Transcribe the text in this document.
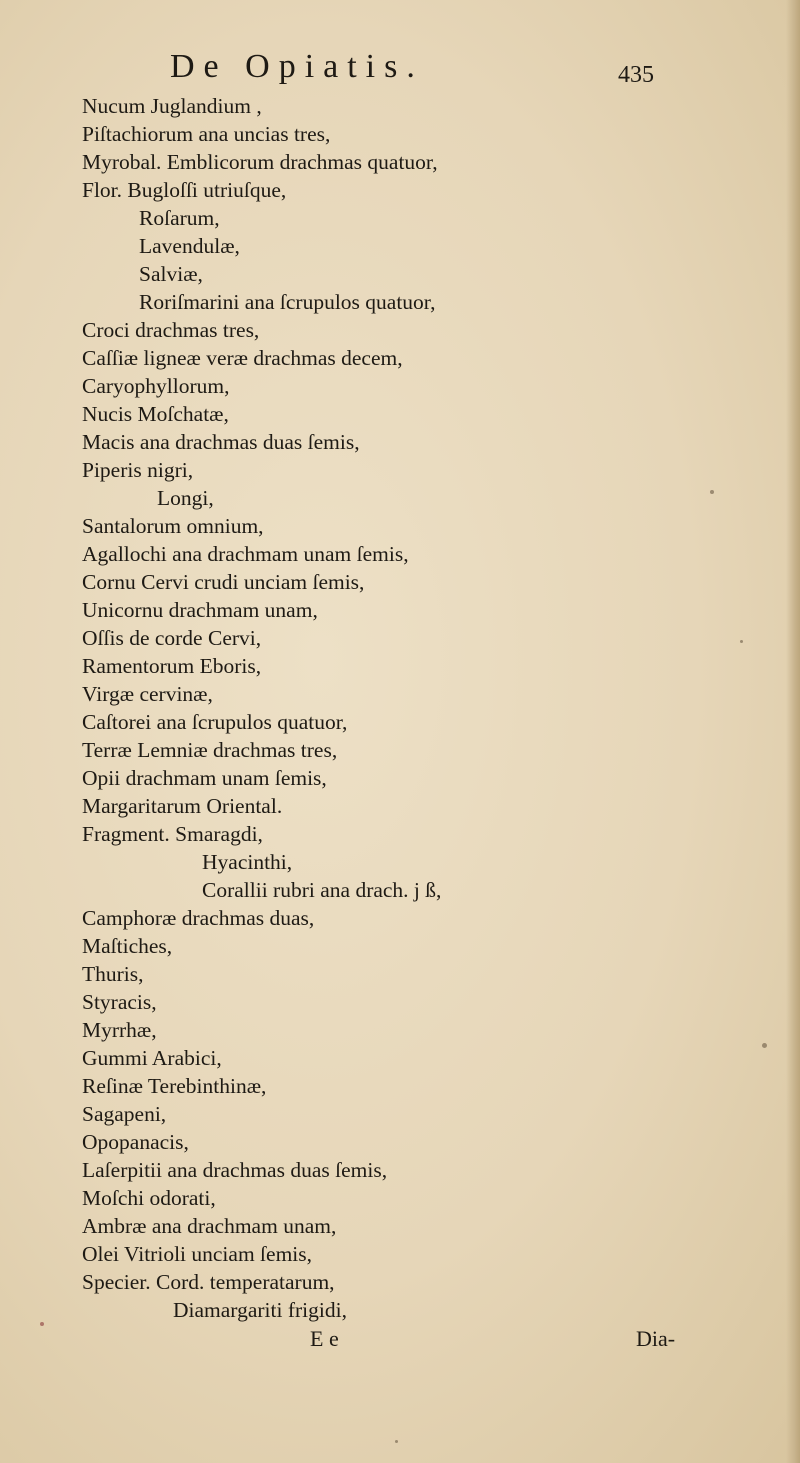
De Opiatis.	435
Nucum Juglandium ,
Piſtachiorum ana uncias tres,
Myrobal. Emblicorum drachmas quatuor,
Flor. Bugloſſi utriuſque,
Roſarum,
Lavendulæ,
Salviæ,
Roriſmarini ana ſcrupulos quatuor,
Croci drachmas tres,
Caſſiæ ligneæ veræ drachmas decem,
Caryophyllorum,
Nucis Moſchatæ,
Macis ana drachmas duas ſemis,
Piperis nigri,
Longi,
Santalorum omnium,
Agallochi ana drachmam unam ſemis,
Cornu Cervi crudi unciam ſemis,
Unicornu drachmam unam,
Oſſis de corde Cervi,
Ramentorum Eboris,
Virgæ cervinæ,
Caſtorei ana ſcrupulos quatuor,
Terræ Lemniæ drachmas tres,
Opii drachmam unam ſemis,
Margaritarum Oriental.
Fragment. Smaragdi,
Hyacinthi,
Corallii rubri ana drach. j ß,
Camphoræ drachmas duas,
Maſtiches,
Thuris,
Styracis,
Myrrhæ,
Gummi Arabici,
Reſinæ Terebinthinæ,
Sagapeni,
Opopanacis,
Laſerpitii ana drachmas duas ſemis,
Moſchi odorati,
Ambræ ana drachmam unam,
Olei Vitrioli unciam ſemis,
Specier. Cord. temperatarum,
Diamargariti frigidi,
E e	Dia-
